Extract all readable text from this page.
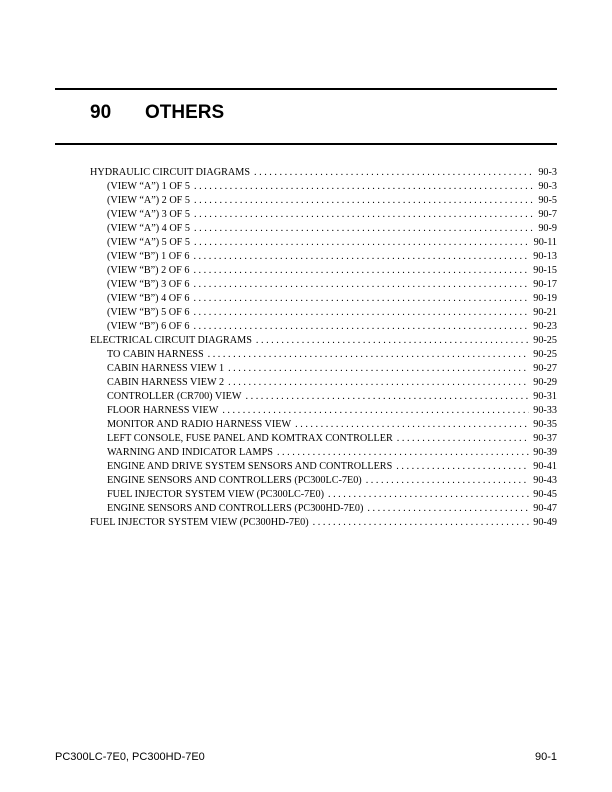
90 OTHERS
HYDRAULIC CIRCUIT DIAGRAMS . . .	90-3
(VIEW “A”) 1 OF 5 . . .	90-3
(VIEW “A”) 2 OF 5 . . .	90-5
(VIEW “A”) 3 OF 5 . . .	90-7
(VIEW “A”) 4 OF 5 . . .	90-9
(VIEW “A”) 5 OF 5 . . .	90-11
(VIEW “B”) 1 OF 6 . . .	90-13
(VIEW “B”) 2 OF 6 . . .	90-15
(VIEW “B”) 3 OF 6 . . .	90-17
(VIEW “B”) 4 OF 6 . . .	90-19
(VIEW “B”) 5 OF 6 . . .	90-21
(VIEW “B”) 6 OF 6 . . .	90-23
ELECTRICAL CIRCUIT DIAGRAMS . . .	90-25
TO CABIN HARNESS . . .	90-25
CABIN HARNESS VIEW 1 . . .	90-27
CABIN HARNESS VIEW 2 . . .	90-29
CONTROLLER (CR700) VIEW . . .	90-31
FLOOR HARNESS VIEW . . .	90-33
MONITOR AND RADIO HARNESS VIEW . . .	90-35
LEFT CONSOLE, FUSE PANEL AND KOMTRAX CONTROLLER . . .	90-37
WARNING AND INDICATOR LAMPS . . .	90-39
ENGINE AND DRIVE SYSTEM SENSORS AND CONTROLLERS . . .	90-41
ENGINE SENSORS AND CONTROLLERS (PC300LC-7E0) . . .	90-43
FUEL INJECTOR SYSTEM VIEW (PC300LC-7E0) . . .	90-45
ENGINE SENSORS AND CONTROLLERS (PC300HD-7E0) . . .	90-47
FUEL INJECTOR SYSTEM VIEW (PC300HD-7E0) . . .	90-49
PC300LC-7E0, PC300HD-7E0	90-1
